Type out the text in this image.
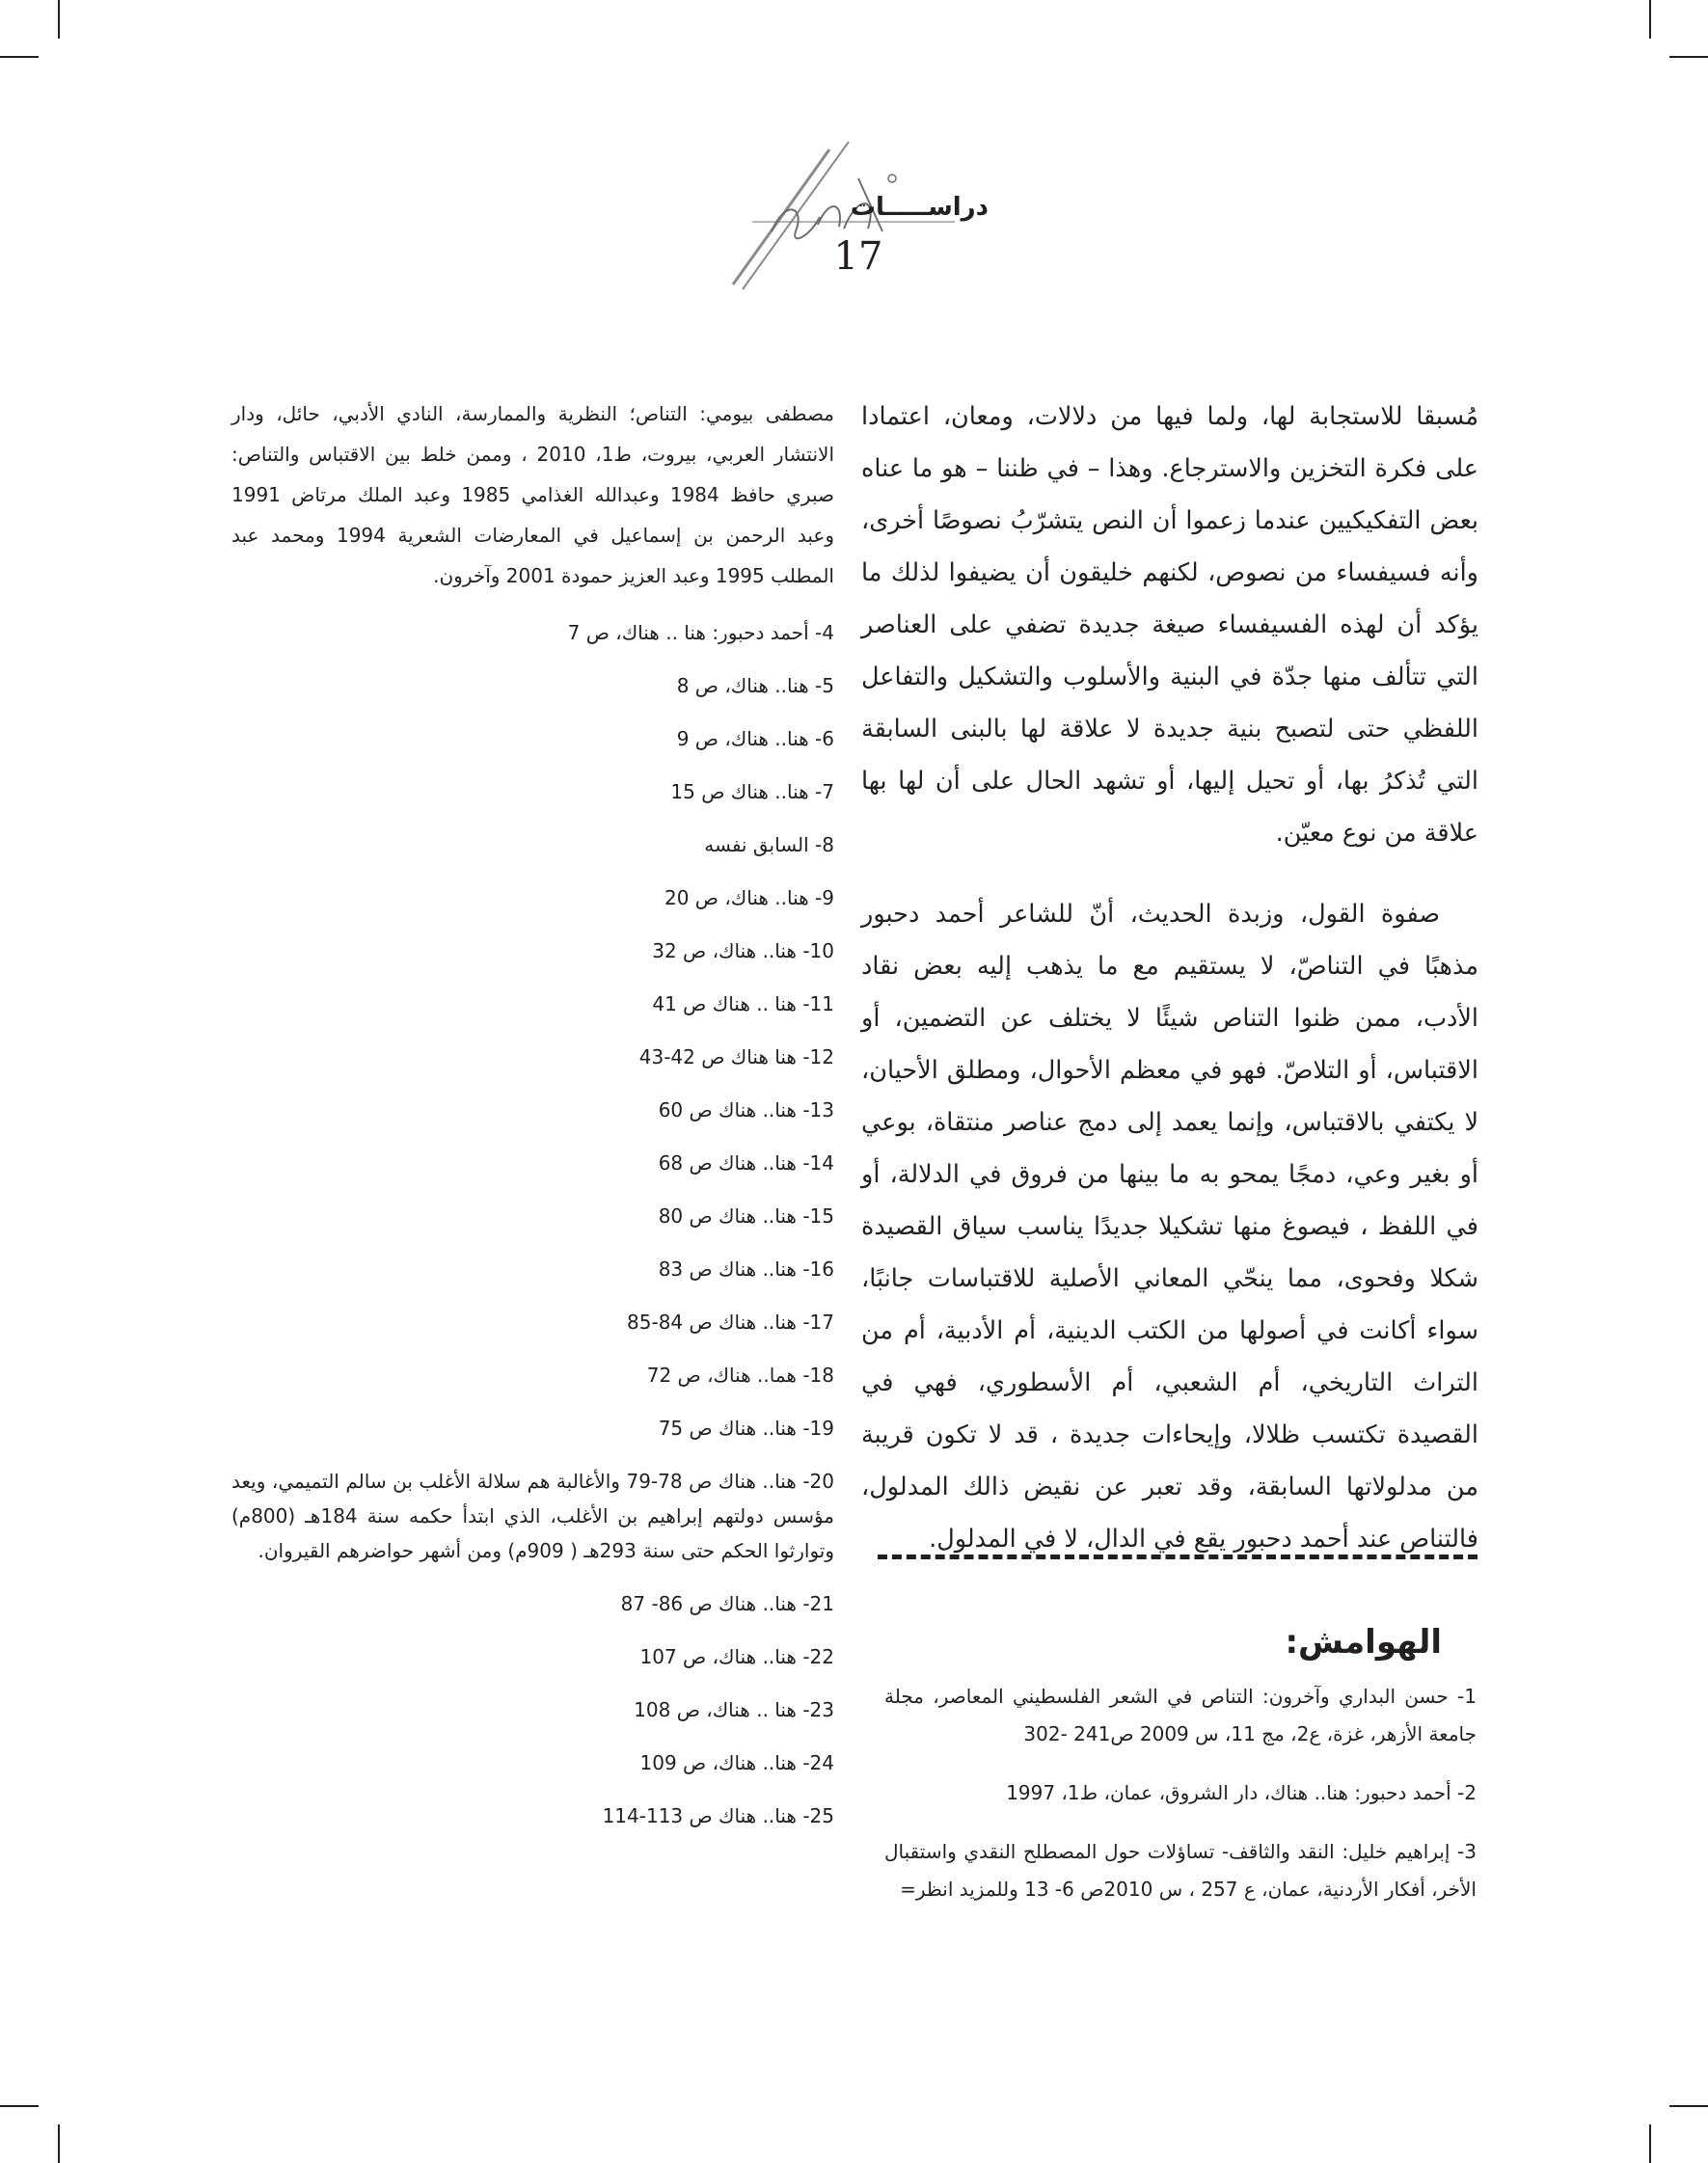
دراســـــات
17

مُسبقا للاستجابة لها، ولما فيها من دلالات، ومعان، اعتمادا على فكرة التخزين والاسترجاع. وهذا – في ظننا – هو ما عناه بعض التفكيكيين عندما زعموا أن النص يتشرّبُ نصوصًا أخرى، وأنه فسيفساء من نصوص، لكنهم خليقون أن يضيفوا لذلك ما يؤكد أن لهذه الفسيفساء صيغة جديدة تضفي على العناصر التي تتألف منها جدّة في البنية والأسلوب والتشكيل والتفاعل اللفظي حتى لتصبح بنية جديدة لا علاقة لها بالبنى السابقة التي تُذكرُ بها، أو تحيل إليها، أو تشهد الحال على أن لها بها علاقة من نوع معيّن.

صفوة القول، وزبدة الحديث، أنّ للشاعر أحمد دحبور مذهبًا في التناصّ، لا يستقيم مع ما يذهب إليه بعض نقاد الأدب، ممن ظنوا التناص شيئًا لا يختلف عن التضمين، أو الاقتباس، أو التلاصّ. فهو في معظم الأحوال، ومطلق الأحيان، لا يكتفي بالاقتباس، وإنما يعمد إلى دمج عناصر منتقاة، بوعي أو بغير وعي، دمجًا يمحو به ما بينها من فروق في الدلالة، أو في اللفظ ، فيصوغ منها تشكيلا جديدًا يناسب سياق القصيدة شكلا وفحوى، مما ينحّي المعاني الأصلية للاقتباسات جانبًا، سواء أكانت في أصولها من الكتب الدينية، أم الأدبية، أم من التراث التاريخي، أم الشعبي، أم الأسطوري، فهي في القصيدة تكتسب ظلالا، وإيحاءات جديدة ، قد لا تكون قريبة من مدلولاتها السابقة، وقد تعبر عن نقيض ذالك المدلول، فالتناص عند أحمد دحبور يقع في الدال، لا في المدلول.

الهوامش:
1- حسن البداري وآخرون: التناص في الشعر الفلسطيني المعاصر، مجلة جامعة الأزهر، غزة، ع2، مج 11، س 2009 ص241 -302
2- أحمد دحبور: هنا.. هناك، دار الشروق، عمان، ط1، 1997
3- إبراهيم خليل: النقد والثاقف- تساؤلات حول المصطلح النقدي واستقبال الأخر، أفكار الأردنية، عمان، ع 257 ، س 2010ص 6- 13 وللمزيد انظر=
مصطفى بيومي: التناص؛ النظرية والممارسة، النادي الأدبي، حائل، ودار الانتشار العربي، بيروت، ط1، 2010 ، وممن خلط بين الاقتباس والتناص: صبري حافظ 1984 وعبدالله الغذامي 1985 وعبد الملك مرتاض 1991 وعبد الرحمن بن إسماعيل في المعارضات الشعرية 1994 ومحمد عبد المطلب 1995 وعبد العزيز حمودة 2001 وآخرون.
4- أحمد دحبور: هنا .. هناك، ص 7
5- هنا.. هناك، ص 8
6- هنا.. هناك، ص 9
7- هنا.. هناك ص 15
8- السابق نفسه
9- هنا.. هناك، ص 20
10- هنا.. هناك، ص 32
11- هنا .. هناك ص 41
12- هنا هناك ص 42-43
13- هنا.. هناك ص 60
14- هنا.. هناك ص 68
15- هنا.. هناك ص 80
16- هنا.. هناك ص 83
17- هنا.. هناك ص 84-85
18- هما.. هناك، ص 72
19- هنا.. هناك ص 75
20- هنا.. هناك ص 78-79 والأغالبة هم سلالة الأغلب بن سالم التميمي، ويعد مؤسس دولتهم إبراهيم بن الأغلب، الذي ابتدأ حكمه سنة 184هـ (800م) وتوارثوا الحكم حتى سنة 293هـ ( 909م) ومن أشهر حواضرهم القيروان.
21- هنا.. هناك ص 86- 87
22- هنا.. هناك، ص 107
23- هنا .. هناك، ص 108
24- هنا.. هناك، ص 109
25- هنا.. هناك ص 113-114
